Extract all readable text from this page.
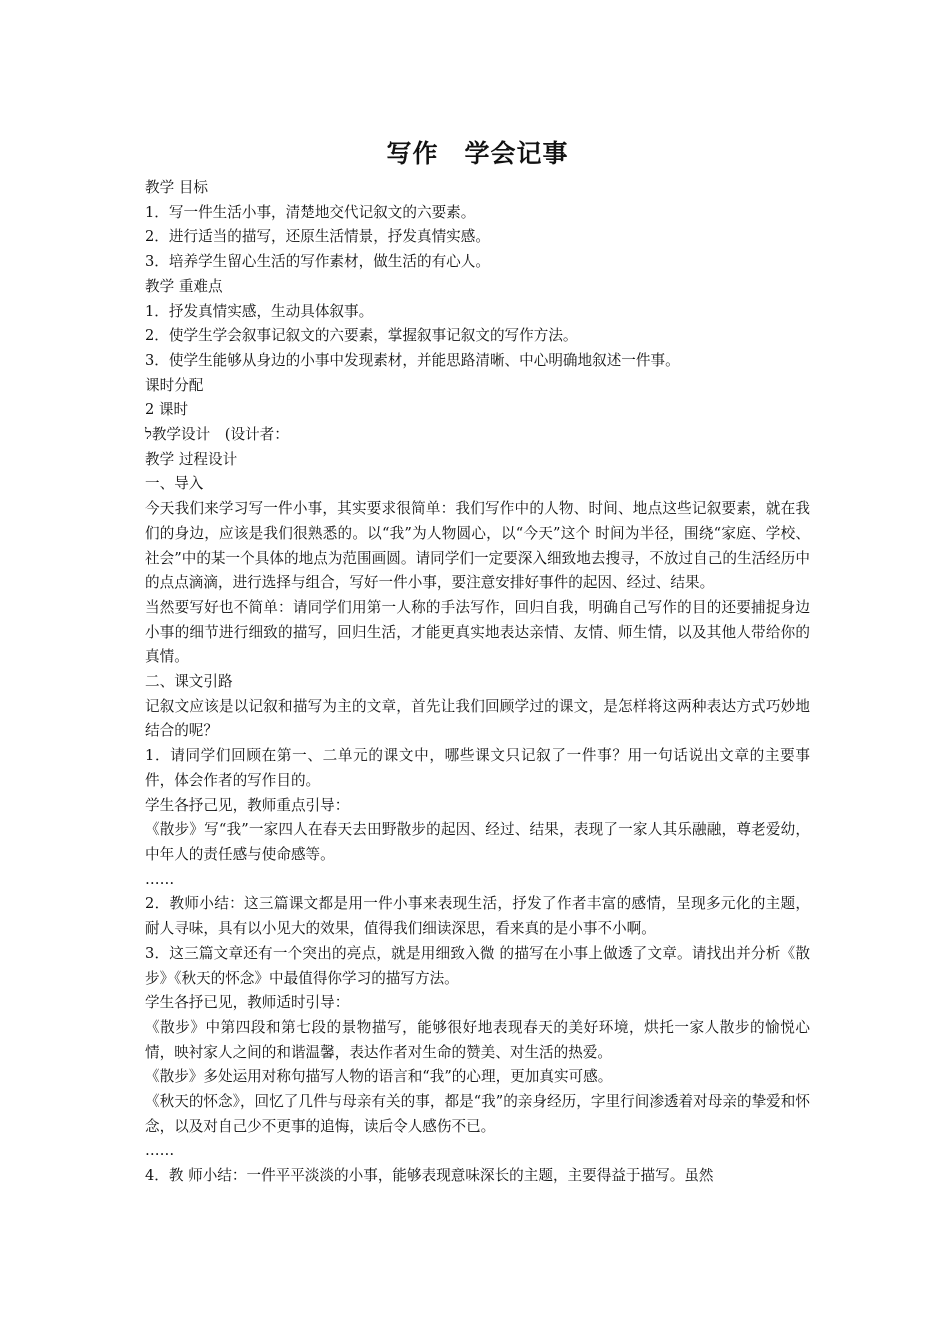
写作　学会记事

教学 目标

1．写一件生活小事，清楚地交代记叙文的六要素。

2．进行适当的描写，还原生活情景，抒发真情实感。

3．培养学生留心生活的写作素材，做生活的有心人。

教学 重难点

1．抒发真情实感，生动具体叙事。

2．使学生学会叙事记叙文的六要素，掌握叙事记叙文的写作方法。

3．使学生能够从身边的小事中发现素材，并能思路清晰、中心明确地叙述一件事。

课时分配

2 课时

ל教学设计　(设计者：

教学 过程设计

一、导入

今天我们来学习写一件小事，其实要求很简单：我们写作中的人物、时间、地点这些记叙要素，就在我们的身边，应该是我们很熟悉的。以“我”为人物圆心，以“今天”这个 时间为半径，围绕“家庭、学校、社会”中的某一个具体的地点为范围画圆。请同学们一定要深入细致地去搜寻，不放过自己的生活经历中的点点滴滴，进行选择与组合，写好一件小事，要注意安排好事件的起因、经过、结果。

当然要写好也不简单：请同学们用第一人称的手法写作，回归自我，明确自己写作的目的还要捕捉身边小事的细节进行细致的描写，回归生活，才能更真实地表达亲情、友情、师生情，以及其他人带给你的真情。

二、课文引路

记叙文应该是以记叙和描写为主的文章，首先让我们回顾学过的课文，是怎样将这两种表达方式巧妙地结合的呢？

1．请同学们回顾在第一、二单元的课文中，哪些课文只记叙了一件事？用一句话说出文章的主要事件，体会作者的写作目的。

学生各抒己见，教师重点引导：

《散步》写“我”一家四人在春天去田野散步的起因、经过、结果，表现了一家人其乐融融，尊老爱幼，中年人的责任感与使命感等。

……

2．教师小结：这三篇课文都是用一件小事来表现生活，抒发了作者丰富的感情，呈现多元化的主题，耐人寻味，具有以小见大的效果，值得我们细读深思，看来真的是小事不小啊。

3．这三篇文章还有一个突出的亮点，就是用细致入微 的描写在小事上做透了文章。请找出并分析《散步》《秋天的怀念》中最值得你学习的描写方法。

学生各抒已见，教师适时引导：

《散步》中第四段和第七段的景物描写，能够很好地表现春天的美好环境，烘托一家人散步的愉悦心情，映衬家人之间的和谐温馨，表达作者对生命的赞美、对生活的热爱。

《散步》多处运用对称句描写人物的语言和“我”的心理，更加真实可感。

《秋天的怀念》，回忆了几件与母亲有关的事，都是“我”的亲身经历，字里行间渗透着对母亲的挚爱和怀念，以及对自己少不更事的追悔，读后令人感伤不已。

……

4．教 师小结：一件平平淡淡的小事，能够表现意味深长的主题，主要得益于描写。虽然
